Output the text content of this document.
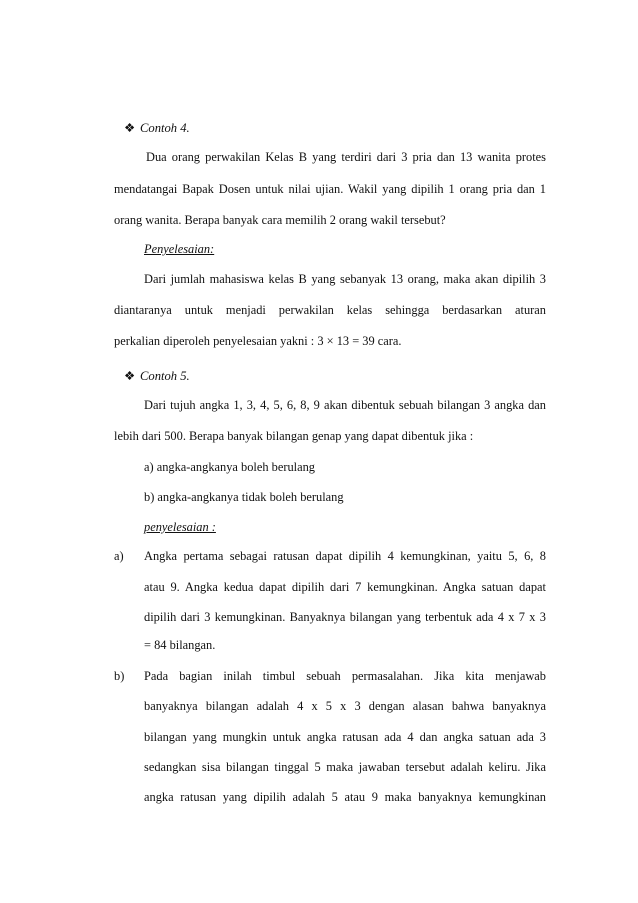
❖ Contoh 4.
Dua orang perwakilan Kelas B yang terdiri dari 3 pria dan 13 wanita protes
mendatangai Bapak Dosen untuk nilai ujian. Wakil yang dipilih 1 orang pria dan 1
orang wanita. Berapa banyak cara memilih 2 orang wakil tersebut?
Penyelesaian:
Dari jumlah mahasiswa kelas B yang sebanyak 13 orang, maka akan dipilih 3
diantaranya untuk menjadi perwakilan kelas sehingga berdasarkan aturan
perkalian diperoleh penyelesaian yakni : 3 × 13 = 39 cara.
❖ Contoh 5.
Dari tujuh angka 1, 3, 4, 5, 6, 8, 9 akan dibentuk sebuah bilangan 3 angka dan
lebih dari 500. Berapa banyak bilangan genap yang dapat dibentuk jika :
a) angka-angkanya boleh berulang
b) angka-angkanya tidak boleh berulang
penyelesaian :
a) Angka pertama sebagai ratusan dapat dipilih 4 kemungkinan, yaitu 5, 6, 8
atau 9. Angka kedua dapat dipilih dari 7 kemungkinan. Angka satuan dapat
dipilih dari 3 kemungkinan. Banyaknya bilangan yang terbentuk ada 4 x 7 x 3
= 84 bilangan.
b) Pada bagian inilah timbul sebuah permasalahan. Jika kita menjawab
banyaknya bilangan adalah 4 x 5 x 3 dengan alasan bahwa banyaknya
bilangan yang mungkin untuk angka ratusan ada 4 dan angka satuan ada 3
sedangkan sisa bilangan tinggal 5 maka jawaban tersebut adalah keliru. Jika
angka ratusan yang dipilih adalah 5 atau 9 maka banyaknya kemungkinan
